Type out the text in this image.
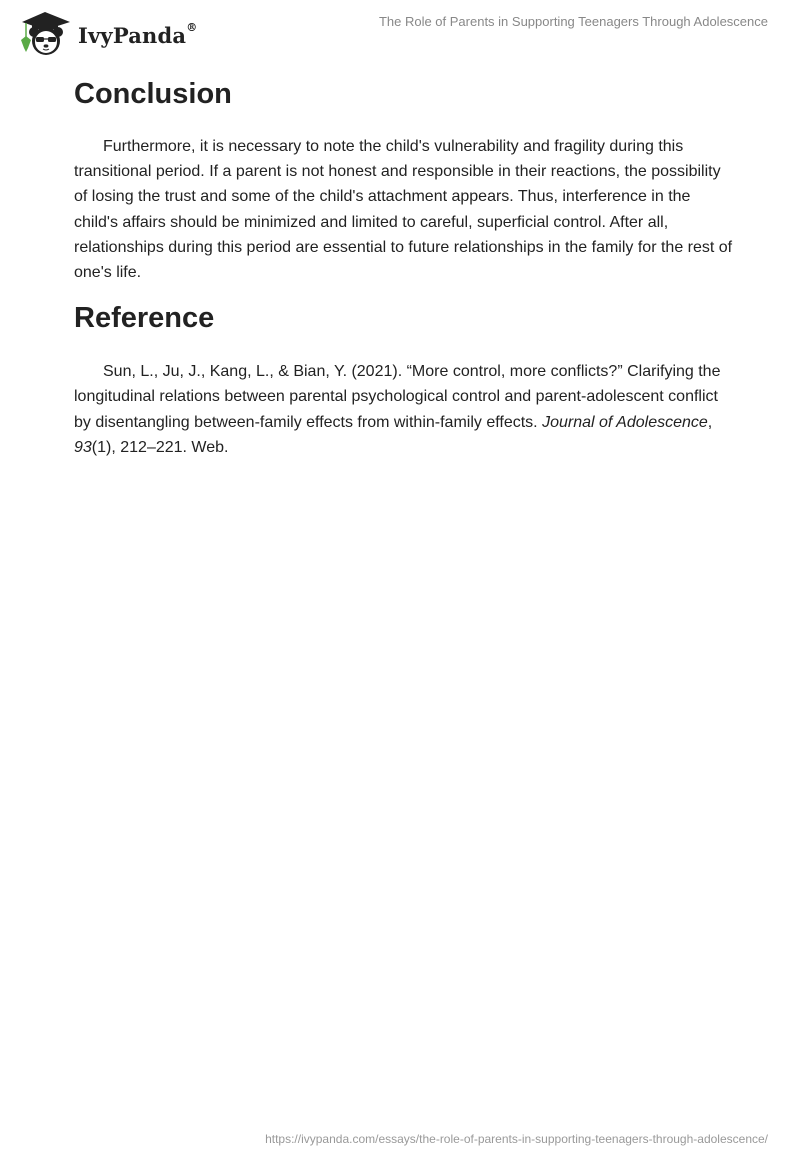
IvyPanda®	The Role of Parents in Supporting Teenagers Through Adolescence
Conclusion

Furthermore, it is necessary to note the child's vulnerability and fragility during this transitional period. If a parent is not honest and responsible in their reactions, the possibility of losing the trust and some of the child's attachment appears. Thus, interference in the child's affairs should be minimized and limited to careful, superficial control. After all, relationships during this period are essential to future relationships in the family for the rest of one's life.

Reference

Sun, L., Ju, J., Kang, L., & Bian, Y. (2021). “More control, more conflicts?” Clarifying the longitudinal relations between parental psychological control and parent-adolescent conflict by disentangling between-family effects from within-family effects. Journal of Adolescence, 93(1), 212–221. Web.

https://ivypanda.com/essays/the-role-of-parents-in-supporting-teenagers-through-adolescence/
